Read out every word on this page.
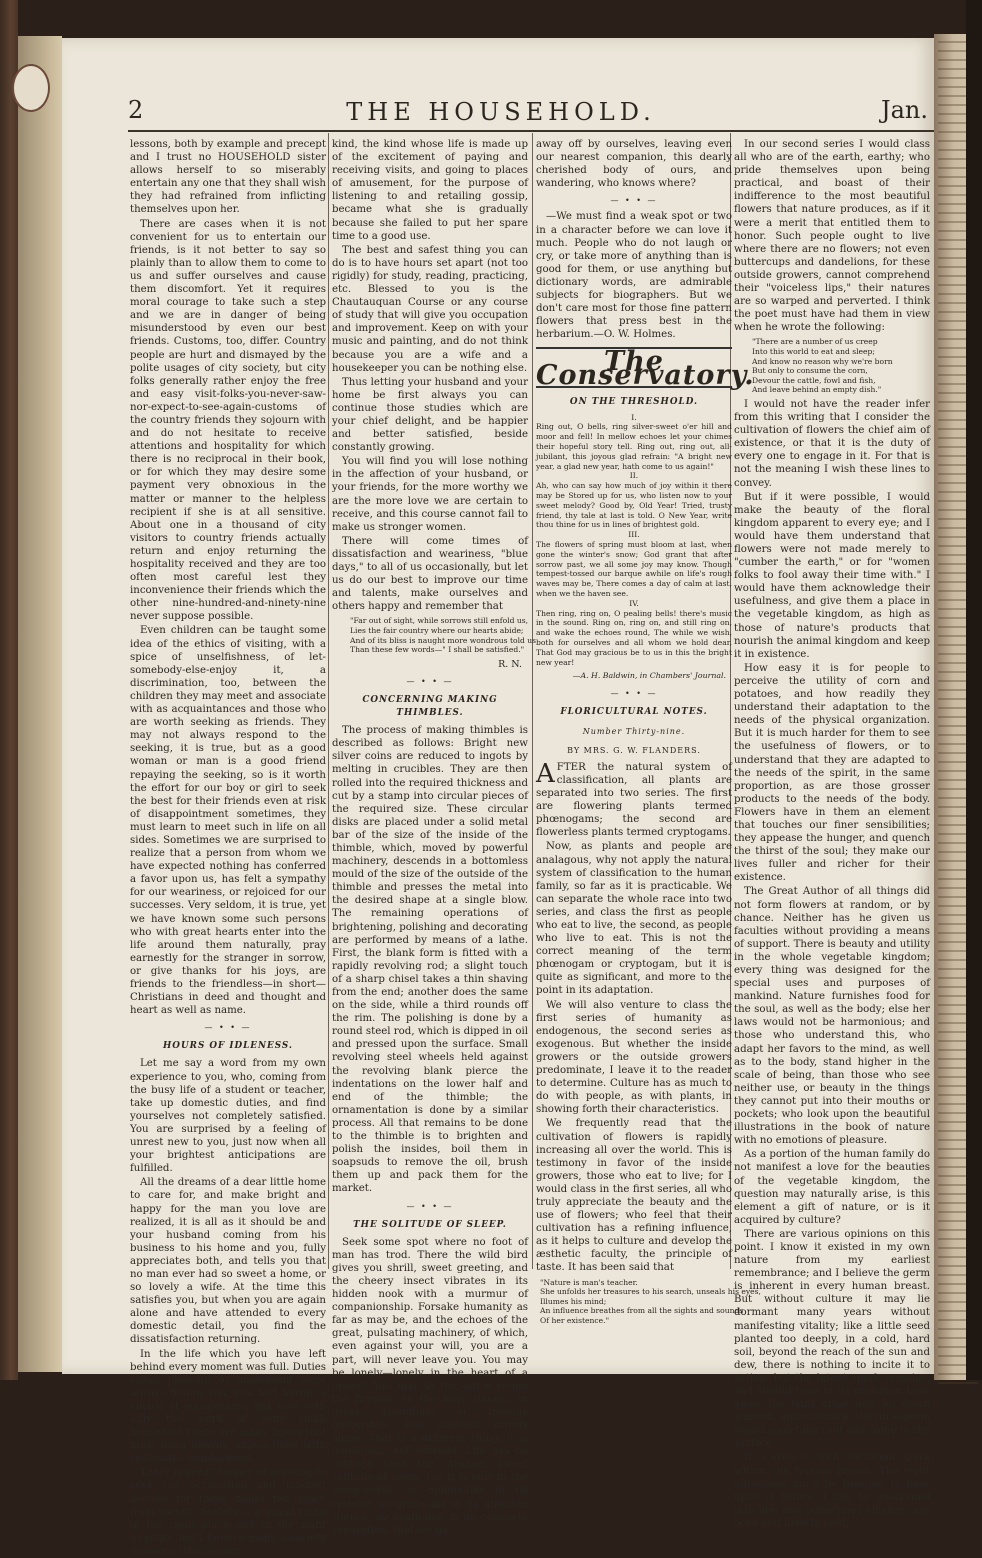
2	THE HOUSEHOLD.	Jan.

lessons, both by example and precept and I trust no HOUSEHOLD sister allows herself to so miserably entertain any one that they shall wish they had refrained from inflicting themselves upon her.

There are cases when it is not convenient for us to entertain our friends, is it not better to say so plainly than to allow them to come to us and suffer ourselves and cause them discomfort. Yet it requires moral courage to take such a step and we are in danger of being misunderstood by even our best friends. Customs, too, differ. Country people are hurt and dismayed by the polite usages of city society, but city folks generally rather enjoy the free and easy visit-folks-you-never-saw-nor-expect-to-see-again-customs of the country friends they sojourn with and do not hesitate to receive attentions and hospitality for which there is no reciprocal in their book, or for which they may desire some payment very obnoxious in the matter or manner to the helpless recipient if she is at all sensitive. About one in a thousand of city visitors to country friends actually return and enjoy returning the hospitality received and they are too often most careful lest they inconvenience their friends which the other nine-hundred-and-ninety-nine never suppose possible.

Even children can be taught some idea of the ethics of visiting, with a spice of unselfishness, of let-somebody-else-enjoy it, a discrimination, too, between the children they may meet and associate with as acquaintances and those who are worth seeking as friends. They may not always respond to the seeking, it is true, but as a good woman or man is a good friend repaying the seeking, so is it worth the effort for our boy or girl to seek the best for their friends even at risk of disappointment sometimes, they must learn to meet such in life on all sides. Sometimes we are surprised to realize that a person from whom we have expected nothing has conferred a favor upon us, has felt a sympathy for our weariness, or rejoiced for our successes. Very seldom, it is true, yet we have known some such persons who with great hearts enter into the life around them naturally, pray earnestly for the stranger in sorrow, or give thanks for his joys, are friends to the friendless—in short—Christians in deed and thought and heart as well as name.

— • • —
HOURS OF IDLENESS.

Let me say a word from my own experience to you, who, coming from the busy life of a student or teacher, take up domestic duties, and find yourselves not completely satisfied. You are surprised by a feeling of unrest new to you, just now when all your brightest anticipations are fulfilled.

All the dreams of a dear little home to care for, and make bright and happy for the man you love are realized, it is all as it should be and your husband coming from his business to his home and you, fully appreciates both, and tells you that no man ever had so sweet a home, or so lovely a wife. At the time this satisfies you, but when you are again alone and have attended to every domestic detail, you find the dissatisfaction returning.

In the life which you have left behind every moment was full. Duties either pleasant or unpleasant were always before you, you had hardly a choice of occupations; but now with only the work of your small household there are many hours that must hang heavily, unless filled with systematic employment.

There is great danger of growing to seek the occupation and interest needed for these hours too much from society. Society is a grand thing in the right place and in the right quantity, but I believe many a society woman of the poorer,

kind, the kind whose life is made up of the excitement of paying and receiving visits, and going to places of amusement, for the purpose of listening to and retailing gossip, became what she is gradually because she failed to put her spare time to a good use.

The best and safest thing you can do is to have hours set apart (not too rigidly) for study, reading, practicing, etc. Blessed to you is the Chautauquan Course or any course of study that will give you occupation and improvement. Keep on with your music and painting, and do not think because you are a wife and a housekeeper you can be nothing else.

Thus letting your husband and your home be first always you can continue those studies which are your chief delight, and be happier and better satisfied, beside constantly growing.

You will find you will lose nothing in the affection of your husband, or your friends, for the more worthy we are the more love we are certain to receive, and this course cannot fail to make us stronger women.

There will come times of dissatisfaction and weariness, "blue days," to all of us occasionally, but let us do our best to improve our time and talents, make ourselves and others happy and remember that

"Far out of sight, while sorrows still enfold us,
Lies the fair country where our hearts abide;
And of its bliss is naught more wondrous told us
Than these few words—" I shall be satisfied."
R. N.
— • • —
CONCERNING MAKING THIMBLES.

The process of making thimbles is described as follows: Bright new silver coins are reduced to ingots by melting in crucibles. They are then rolled into the required thickness and cut by a stamp into circular pieces of the required size. These circular disks are placed under a solid metal bar of the size of the inside of the thimble, which, moved by powerful machinery, descends in a bottomless mould of the size of the outside of the thimble and presses the metal into the desired shape at a single blow. The remaining operations of brightening, polishing and decorating are performed by means of a lathe. First, the blank form is fitted with a rapidly revolving rod; a slight touch of a sharp chisel takes a thin shaving from the end; another does the same on the side, while a third rounds off the rim. The polishing is done by a round steel rod, which is dipped in oil and pressed upon the surface. Small revolving steel wheels held against the revolving blank pierce the indentations on the lower half and end of the thimble; the ornamentation is done by a similar process. All that remains to be done to the thimble is to brighten and polish the insides, boil them in soapsuds to remove the oil, brush them up and pack them for the market.

— • • —
THE SOLITUDE OF SLEEP.

Seek some spot where no foot of man has trod. There the wild bird gives you shrill, sweet greeting, and the cheery insect vibrates in its hidden nook with a murmur of companionship. Forsake humanity as far as may be, and the echoes of the great, pulsating machinery, of which, even against your will, you are a part, will never leave you. You may be lonely—lonely in the heart of a crowd. You may in the circle round the fireside, in the busy streets, in great assemblies or friendly gatherings, feel yourself utterly alone. That is a different thing; it is loneliness, not solitude. Life has no solitude save the strange, sweet solitude of sleep. For it is only in the sleep-world, so Sphinx-like in its reserve, so grave-like in its absolute silence, so death-like in its complete separation, that we go

away off by ourselves, leaving even our nearest companion, this dearly cherished body of ours, and wandering, who knows where?

— • • —

—We must find a weak spot or two in a character before we can love it much. People who do not laugh or cry, or take more of anything than is good for them, or use anything but dictionary words, are admirable subjects for biographers. But we don't care most for those fine pattern flowers that press best in the herbarium.—O. W. Holmes.

The Conservatory.
ON THE THRESHOLD.
I.
Ring out, O bells, ring silver-sweet o'er hill and moor and fell! In mellow echoes let your chimes their hopeful story tell. Ring out, ring out, all-jubilant, this joyous glad refrain: "A bright new year, a glad new year, hath come to us again!"
II.
Ah, who can say how much of joy within it there may be Stored up for us, who listen now to your sweet melody? Good by, Old Year! Tried, trusty friend, thy tale at last is told. O New Year, write thou thine for us in lines of brightest gold.
III.
The flowers of spring must bloom at last, when gone the winter's snow; God grant that after sorrow past, we all some joy may know. Though tempest-tossed our barque awhile on life's rough waves may be, There comes a day of calm at last, when we the haven see.
IV.
Then ring, ring on, O pealing bells! there's music in the sound. Ring on, ring on, and still ring on, and wake the echoes round, The while we wish, both for ourselves and all whom we hold dear, That God may gracious be to us in this the bright new year!
—A. H. Baldwin, in Chambers' Journal.
— • • —
FLORICULTURAL NOTES.
Number Thirty-nine.
BY MRS. G. W. FLANDERS.

AFTER the natural system of classification, all plants are separated into two series. The first are flowering plants termed phœnogams; the second are flowerless plants termed cryptogams.

Now, as plants and people are analagous, why not apply the natural system of classification to the human family, so far as it is practicable. We can separate the whole race into two series, and class the first as people who eat to live, the second, as people who live to eat. This is not the correct meaning of the term phœnogam or cryptogam, but it is quite as significant, and more to the point in its adaptation.

We will also venture to class the first series of humanity as endogenous, the second series as exogenous. But whether the inside growers or the outside growers predominate, I leave it to the reader to determine. Culture has as much to do with people, as with plants, in showing forth their characteristics.

We frequently read that the cultivation of flowers is rapidly increasing all over the world. This is testimony in favor of the inside growers, those who eat to live; for I would class in the first series, all who truly appreciate the beauty and the use of flowers; who feel that their cultivation has a refining influence, as it helps to culture and develop the æsthetic faculty, the principle of taste. It has been said that

"Nature is man's teacher.
She unfolds her treasures to his search, unseals his eyes,
Illumes his mind;
An influence breathes from all the sights and sounds
Of her existence."

In our second series I would class all who are of the earth, earthy; who pride themselves upon being practical, and boast of their indifference to the most beautiful flowers that nature produces, as if it were a merit that entitled them to honor. Such people ought to live where there are no flowers; not even buttercups and dandelions, for these outside growers, cannot comprehend their "voiceless lips," their natures are so warped and perverted. I think the poet must have had them in view when he wrote the following:

"There are a number of us creep
Into this world to eat and sleep;
And know no reason why we're born
But only to consume the corn,
Devour the cattle, fowl and fish,
And leave behind an empty dish."

I would not have the reader infer from this writing that I consider the cultivation of flowers the chief aim of existence, or that it is the duty of every one to engage in it. For that is not the meaning I wish these lines to convey.

But if it were possible, I would make the beauty of the floral kingdom apparent to every eye; and I would have them understand that flowers were not made merely to "cumber the earth," or for "women folks to fool away their time with." I would have them acknowledge their usefulness, and give them a place in the vegetable kingdom, as high as those of nature's products that nourish the animal kingdom and keep it in existence.

How easy it is for people to perceive the utility of corn and potatoes, and how readily they understand their adaptation to the needs of the physical organization. But it is much harder for them to see the usefulness of flowers, or to understand that they are adapted to the needs of the spirit, in the same proportion, as are those grosser products to the needs of the body. Flowers have in them an element that touches our finer sensibilities; they appease the hunger, and quench the thirst of the soul; they make our lives fuller and richer for their existence.

The Great Author of all things did not form flowers at random, or by chance. Neither has he given us faculties without providing a means of support. There is beauty and utility in the whole vegetable kingdom; every thing was designed for the special uses and purposes of mankind. Nature furnishes food for the soul, as well as the body; else her laws would not be harmonious; and those who understand this, who adapt her favors to the mind, as well as to the body, stand higher in the scale of being, than those who see neither use, or beauty in the things they cannot put into their mouths or pockets; who look upon the beautiful illustrations in the book of nature with no emotions of pleasure.

As a portion of the human family do not manifest a love for the beauties of the vegetable kingdom, the question may naturally arise, is this element a gift of nature, or is it acquired by culture?

There are various opinions on this point. I know it existed in my own nature from my earliest remembrance; and I believe the germ is inherent in every human breast. But without culture it may lie dormant many years without manifesting vitality; like a little seed planted too deeply, in a cold, hard soil, beyond the reach of the sun and dew, there is nothing to incite it to action, but the latent spark remains, and should time in its evolution bear away the hard crust and let down warmth, and moisture, the little germ would soon take root and come to the surface.

It is even so with the latent spark within the human breast. The right influences must be brought to bear upon it before it can be quickened into life; and sometimes children are born and bred in cold,
